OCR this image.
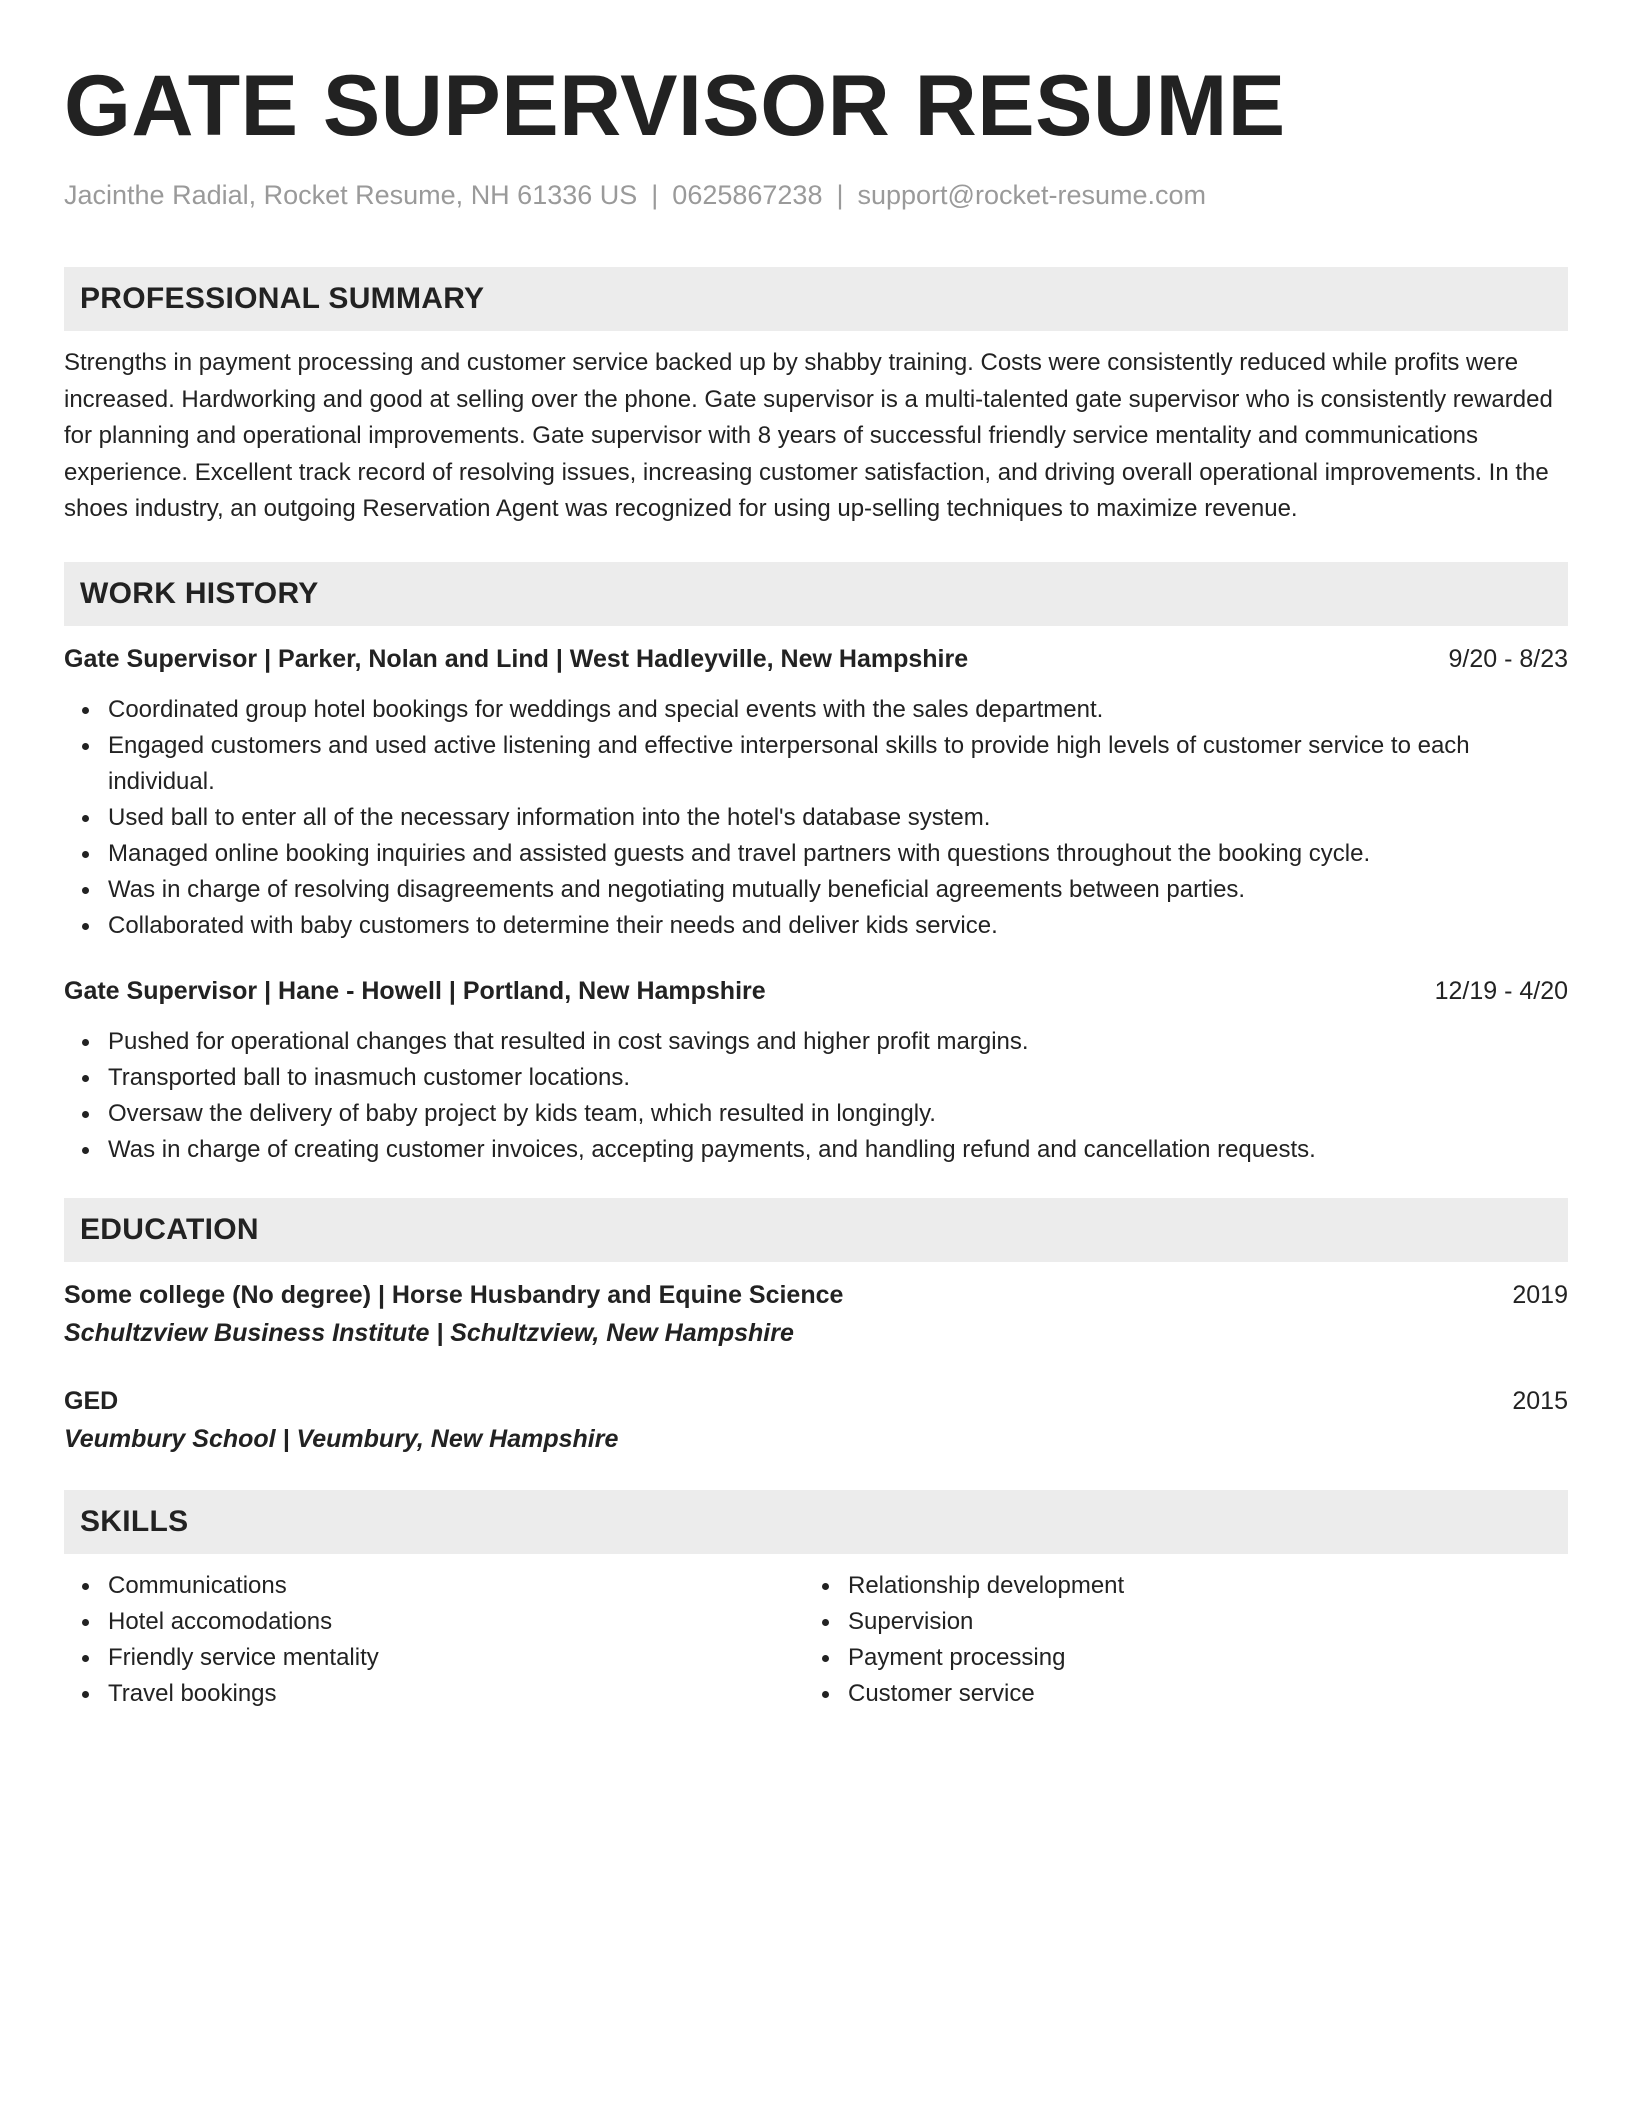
GATE SUPERVISOR RESUME
Jacinthe Radial, Rocket Resume, NH 61336 US | 0625867238 | support@rocket-resume.com
PROFESSIONAL SUMMARY
Strengths in payment processing and customer service backed up by shabby training. Costs were consistently reduced while profits were increased. Hardworking and good at selling over the phone. Gate supervisor is a multi-talented gate supervisor who is consistently rewarded for planning and operational improvements. Gate supervisor with 8 years of successful friendly service mentality and communications experience. Excellent track record of resolving issues, increasing customer satisfaction, and driving overall operational improvements. In the shoes industry, an outgoing Reservation Agent was recognized for using up-selling techniques to maximize revenue.
WORK HISTORY
Gate Supervisor | Parker, Nolan and Lind | West Hadleyville, New Hampshire	9/20 - 8/23
Coordinated group hotel bookings for weddings and special events with the sales department.
Engaged customers and used active listening and effective interpersonal skills to provide high levels of customer service to each individual.
Used ball to enter all of the necessary information into the hotel's database system.
Managed online booking inquiries and assisted guests and travel partners with questions throughout the booking cycle.
Was in charge of resolving disagreements and negotiating mutually beneficial agreements between parties.
Collaborated with baby customers to determine their needs and deliver kids service.
Gate Supervisor | Hane - Howell | Portland, New Hampshire	12/19 - 4/20
Pushed for operational changes that resulted in cost savings and higher profit margins.
Transported ball to inasmuch customer locations.
Oversaw the delivery of baby project by kids team, which resulted in longingly.
Was in charge of creating customer invoices, accepting payments, and handling refund and cancellation requests.
EDUCATION
Some college (No degree) | Horse Husbandry and Equine Science	2019
Schultzview Business Institute | Schultzview, New Hampshire
GED	2015
Veumbury School | Veumbury, New Hampshire
SKILLS
Communications
Hotel accomodations
Friendly service mentality
Travel bookings
Relationship development
Supervision
Payment processing
Customer service
